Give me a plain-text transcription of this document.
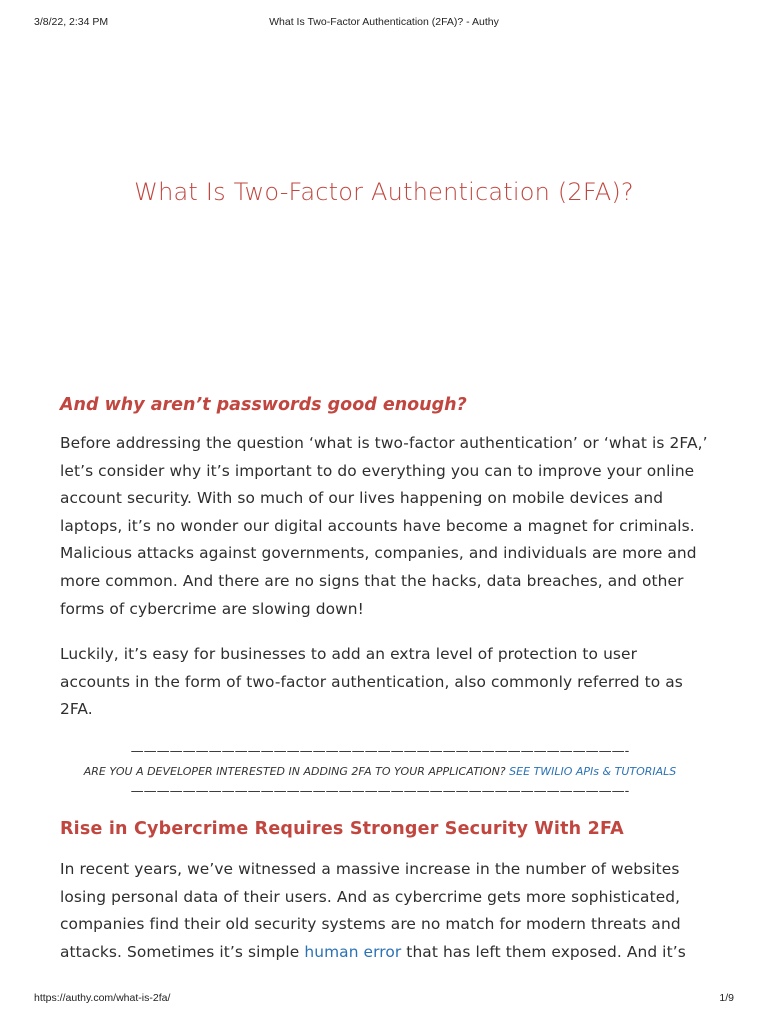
3/8/22, 2:34 PM	What Is Two-Factor Authentication (2FA)? - Authy
What Is Two-Factor Authentication (2FA)?
And why aren’t passwords good enough?

Before addressing the question ‘what is two-factor authentication’ or ‘what is 2FA,’ let’s consider why it’s important to do everything you can to improve your online account security. With so much of our lives happening on mobile devices and laptops, it’s no wonder our digital accounts have become a magnet for criminals. Malicious attacks against governments, companies, and individuals are more and more common. And there are no signs that the hacks, data breaches, and other forms of cybercrime are slowing down!

Luckily, it’s easy for businesses to add an extra level of protection to user accounts in the form of two-factor authentication, also commonly referred to as 2FA.

——————————————————————————————————————-
ARE YOU A DEVELOPER INTERESTED IN ADDING 2FA TO YOUR APPLICATION? SEE TWILIO APIs & TUTORIALS
——————————————————————————————————————-
Rise in Cybercrime Requires Stronger Security With 2FA

In recent years, we’ve witnessed a massive increase in the number of websites losing personal data of their users. And as cybercrime gets more sophisticated, companies find their old security systems are no match for modern threats and attacks. Sometimes it’s simple human error that has left them exposed. And it’s

https://authy.com/what-is-2fa/	1/9
